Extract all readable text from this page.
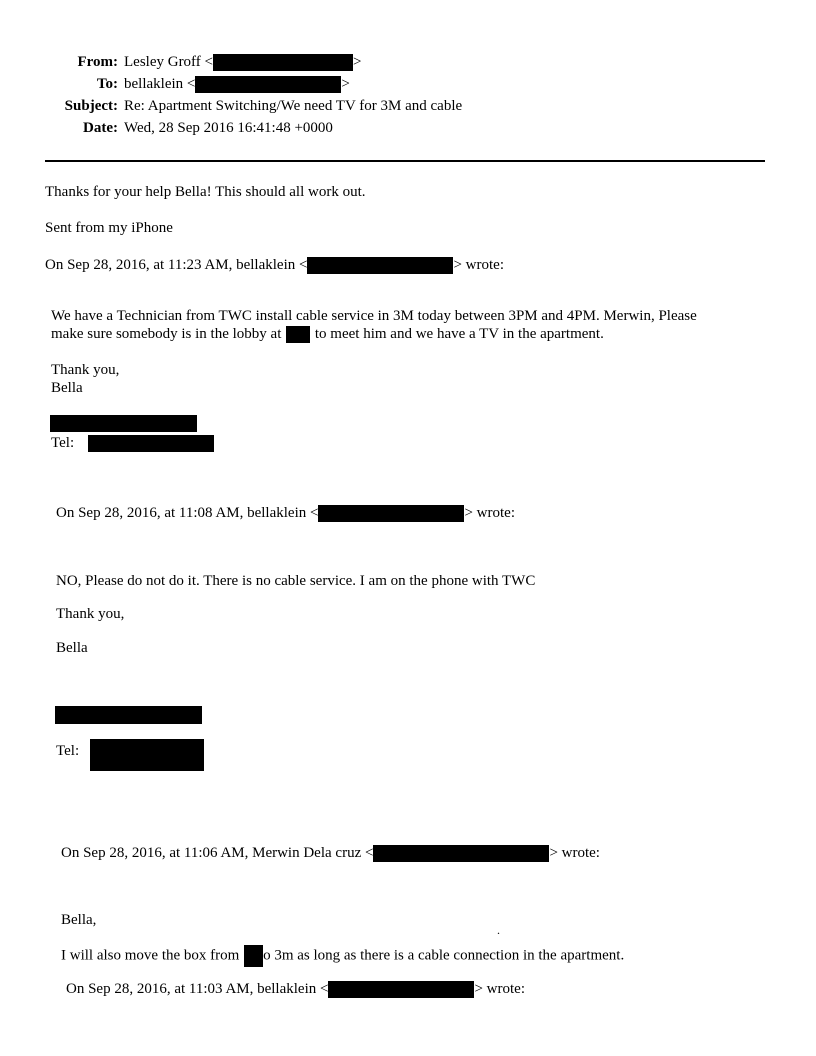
From: Lesley Groff <	>
To: bellaklein <	>
Subject: Re: Apartment Switching/We need TV for 3M and cable
Date: Wed, 28 Sep 2016 16:41:48 +0000
Thanks for your help Bella! This should all work out.
Sent from my iPhone
On Sep 28, 2016, at 11:23 AM, bellaklein <	> wrote:
We have a Technician from TWC install cable service in 3M today between 3PM and 4PM. Merwin, Please
make sure somebody is in the lobby at to meet him and we have a TV in the apartment.
Thank you,
Bella
Tel:
On Sep 28, 2016, at 11:08 AM, bellaklein <	> wrote:
NO, Please do not do it. There is no cable service. I am on the phone with TWC
Thank you,
Bella
Tel:
On Sep 28, 2016, at 11:06 AM, Merwin Dela cruz <	> wrote:
Bella,
.
I will also move the box from o 3m as long as there is a cable connection in the apartment.
On Sep 28, 2016, at 11:03 AM, bellaklein <	> wrote:
